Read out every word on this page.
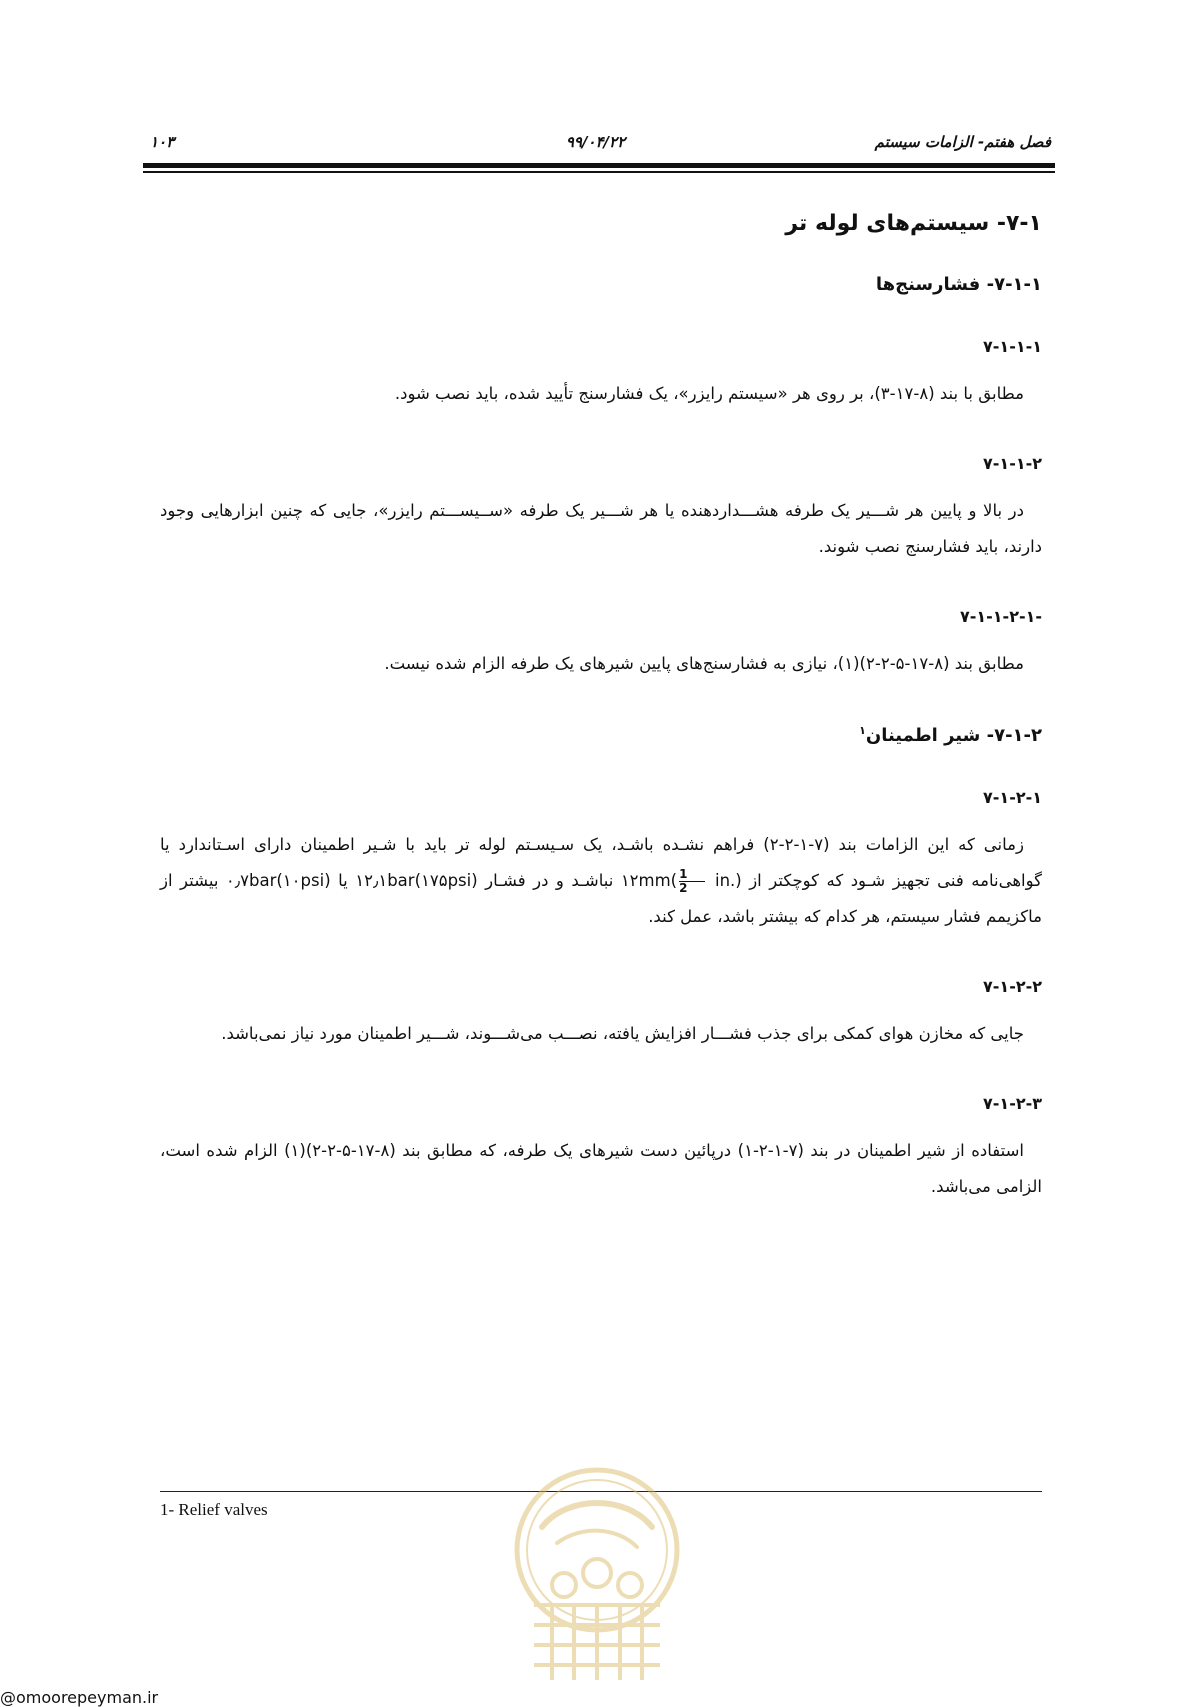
فصل هفتم- الزامات سیستم
۹۹/۰۴/۲۲
۱۰۳
۷-۱- سیستم‌های لوله تر
۷-۱-۱- فشارسنج‌ها
۷-۱-۱-۱
مطابق با بند (۸-۱۷-۳)، بر روی هر «سیستم رایزر»، یک فشارسنج تأیید شده، باید نصب شود.
۷-۱-۱-۲
در بالا و پایین هر شـــیر یک طرفه هشـــداردهنده یا هر شـــیر یک طرفه «ســیســـتم رایزر»، جایی که چنین ابزارهایی وجود دارند، باید فشارسنج نصب شوند.
۷-۱-۱-۲-۱-
مطابق بند (۸-۱۷-۵-۲-۲)(۱)، نیازی به فشارسنج‌های پایین شیرهای یک طرفه الزام شده نیست.
۷-۱-۲- شیر اطمینان$^۱$
۷-۱-۲-۱
زمانی که این الزامات بند (۷-۱-۲-۲) فراهم نشـده باشـد، یک سـیسـتم لوله تر باید با شـیر اطمینان دارای اسـتاندارد یا گواهی‌نامه فنی تجهیز شـود که کوچکتر از ۱۲mm(
$\frac{1}{2}$
in.) نباشـد و در فشـار ۱۲٫۱bar(۱۷۵psi) یا ۰٫۷bar(۱۰psi) بیشتر از ماکزیمم فشار سیستم، هر کدام که بیشتر باشد، عمل کند.
۷-۱-۲-۲
جایی که مخازن هوای کمکی برای جذب فشـــار افزایش یافته، نصـــب می‌شـــوند، شـــیر اطمینان مورد نیاز نمی‌باشد.
۷-۱-۲-۳
استفاده از شیر اطمینان در بند (۷-۱-۲-۱) درپائین دست شیرهای یک طرفه، که مطابق بند (۸-۱۷-۵-۲-۲)(۱) الزام شده است، الزامی می‌باشد.
1- Relief valves
@omoorepeyman.ir
